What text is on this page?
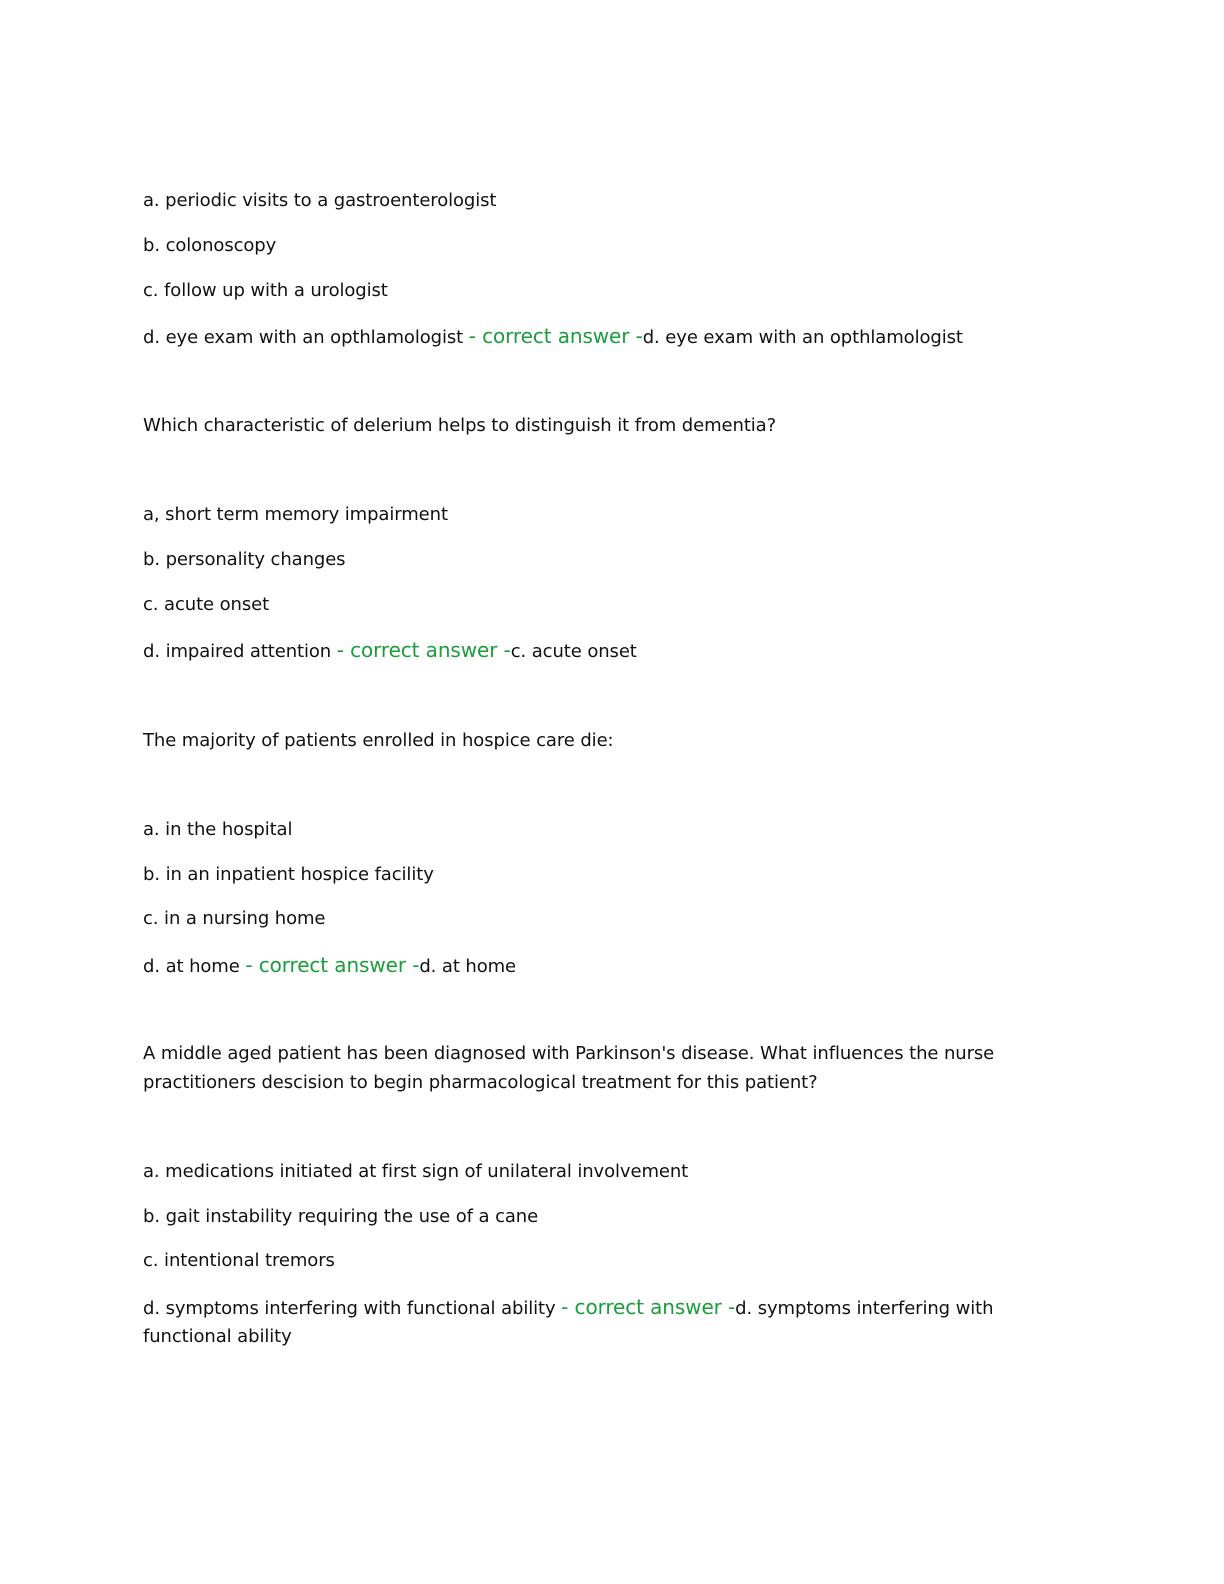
a. periodic visits to a gastroenterologist
b. colonoscopy
c. follow up with a urologist
d. eye exam with an opthlamologist - correct answer -d. eye exam with an opthlamologist
Which characteristic of delerium helps to distinguish it from dementia?
a, short term memory impairment
b. personality changes
c. acute onset
d. impaired attention - correct answer -c. acute onset
The majority of patients enrolled in hospice care die:
a. in the hospital
b. in an inpatient hospice facility
c. in a nursing home
d. at home - correct answer -d. at home
A middle aged patient has been diagnosed with Parkinson's disease. What influences the nurse
practitioners descision to begin pharmacological treatment for this patient?
a. medications initiated at first sign of unilateral involvement
b. gait instability requiring the use of a cane
c. intentional tremors
d. symptoms interfering with functional ability - correct answer -d. symptoms interfering with
functional ability
